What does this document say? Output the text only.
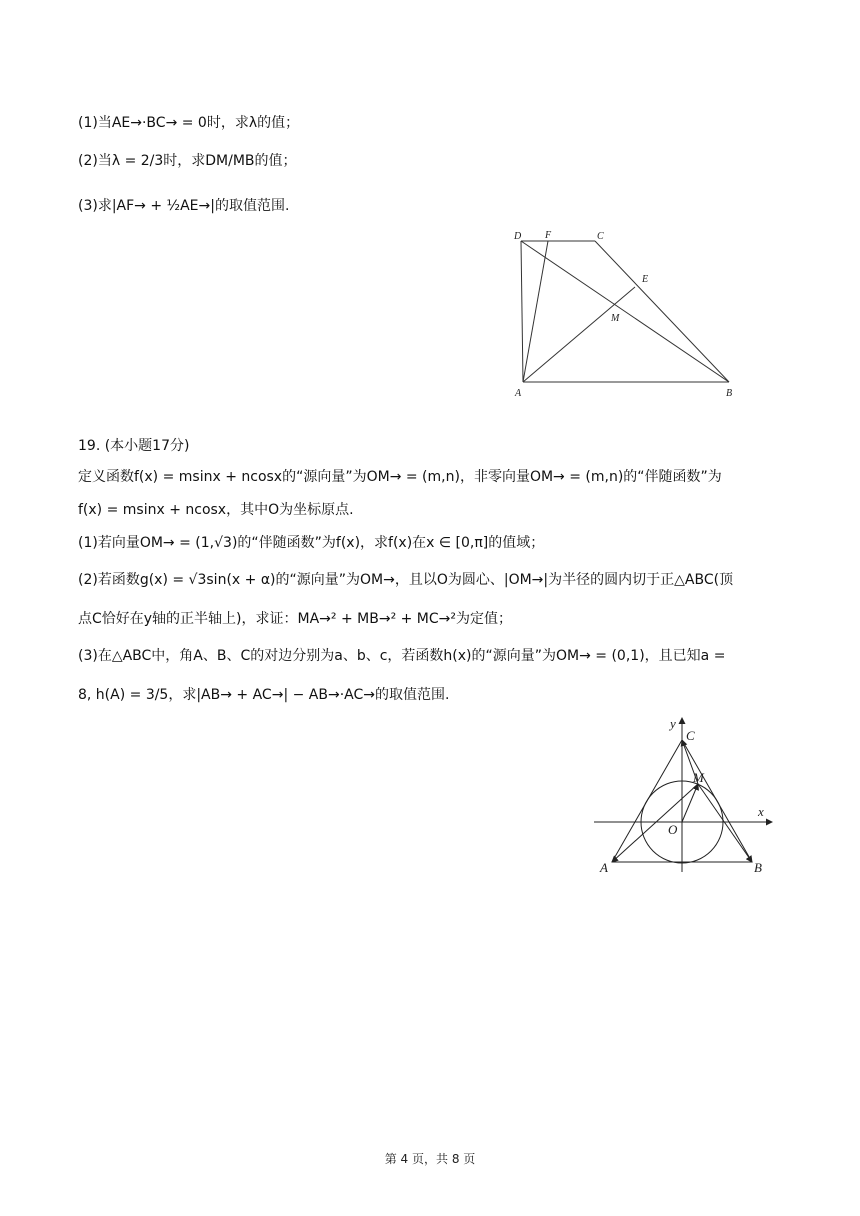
(1)当AE→·BC→ = 0时，求λ的值；
(2)当λ = 2/3时，求DM/MB的值；
(3)求|AF→ + ½AE→|的取值范围.
D F	C
E
M
A	B
19. (本小题17分)
定义函数f(x) = msinx + ncosx的“源向量”为OM→ = (m,n)，非零向量OM→ = (m,n)的“伴随函数”为
f(x) = msinx + ncosx，其中O为坐标原点.
(1)若向量OM→ = (1,√3)的“伴随函数”为f(x)，求f(x)在x ∈ [0,π]的值域；
(2)若函数g(x) = √3sin(x + α)的“源向量”为OM→，且以O为圆心、|OM→|为半径的圆内切于正△ABC(顶
点C恰好在y轴的正半轴上)，求证：MA→² + MB→² + MC→²为定值；
(3)在△ABC中，角A、B、C的对边分别为a、b、c，若函数h(x)的“源向量”为OM→ = (0,1)，且已知a =
8, h(A) = 3/5，求|AB→ + AC→| − AB→·AC→的取值范围.
y
x
C
M
O
A	B
第 4 页，共 8 页
